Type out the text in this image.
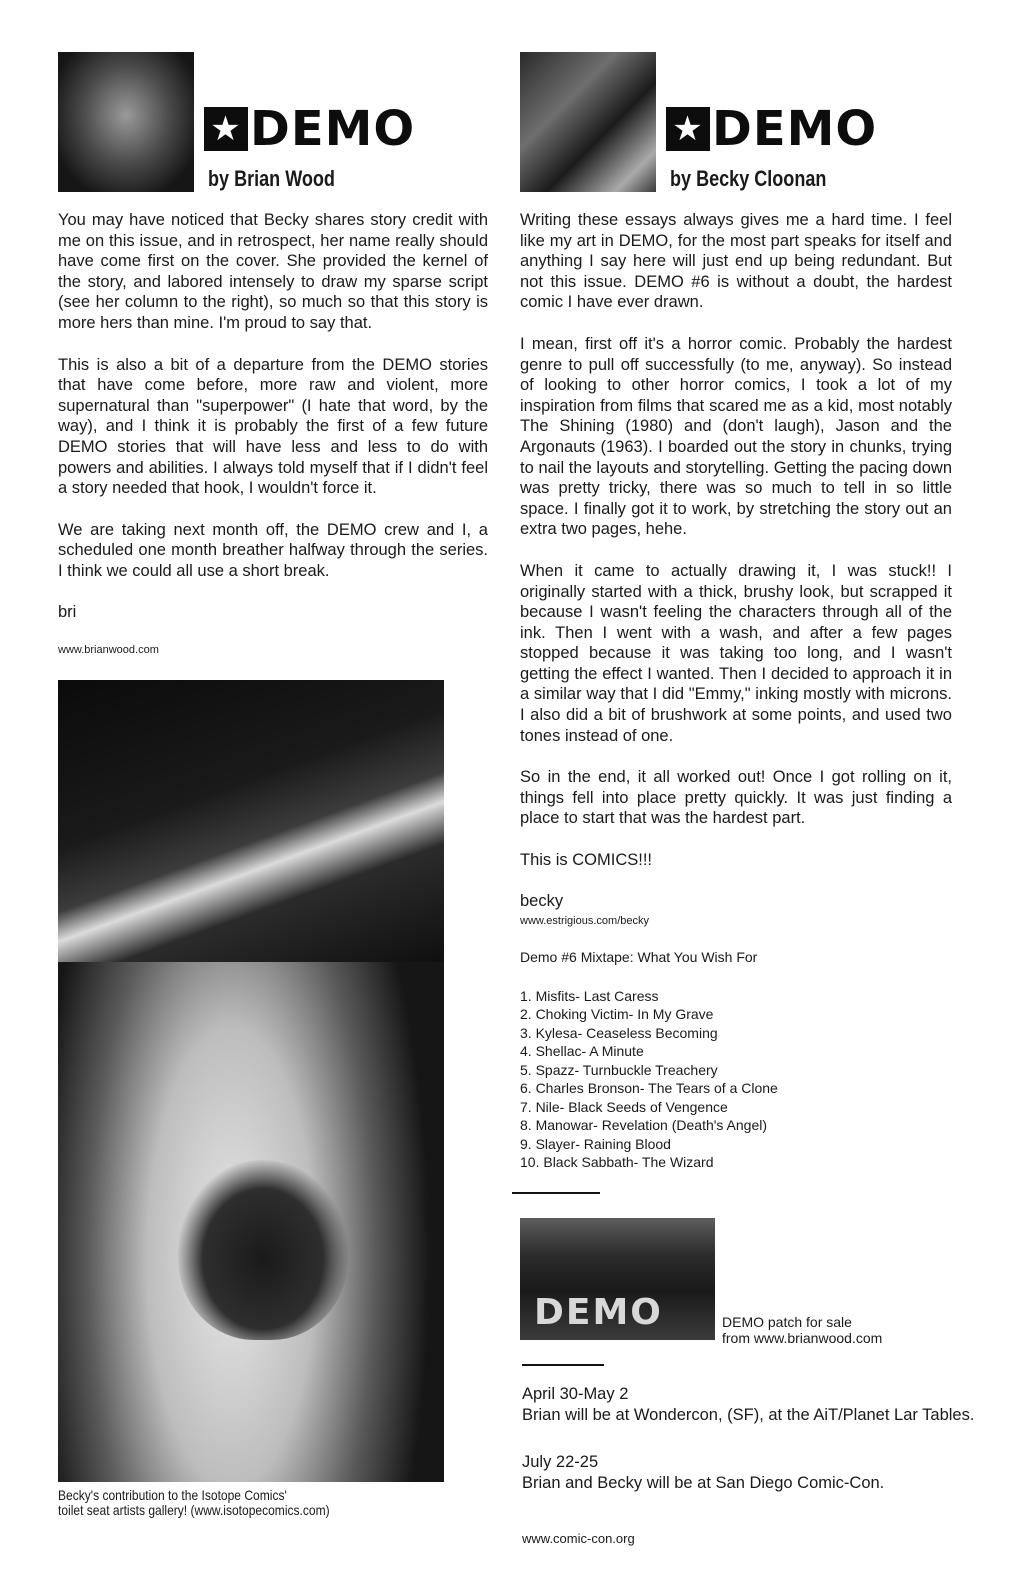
★ DEMO
by Brian Wood

You may have noticed that Becky shares story credit with me on this issue, and in retrospect, her name really should have come first on the cover. She provided the kernel of the story, and labored intensely to draw my sparse script (see her column to the right), so much so that this story is more hers than mine. I'm proud to say that.

This is also a bit of a departure from the DEMO stories that have come before, more raw and violent, more supernatural than "superpower" (I hate that word, by the way), and I think it is probably the first of a few future DEMO stories that will have less and less to do with powers and abilities. I always told myself that if I didn't feel a story needed that hook, I wouldn't force it.

We are taking next month off, the DEMO crew and I, a scheduled one month breather halfway through the series. I think we could all use a short break.

bri

www.brianwood.com

Becky's contribution to the Isotope Comics'
toilet seat artists gallery! (www.isotopecomics.com)
★ DEMO
by Becky Cloonan

Writing these essays always gives me a hard time. I feel like my art in DEMO, for the most part speaks for itself and anything I say here will just end up being redundant. But not this issue. DEMO #6 is without a doubt, the hardest comic I have ever drawn.

I mean, first off it's a horror comic. Probably the hardest genre to pull off successfully (to me, anyway). So instead of looking to other horror comics, I took a lot of my inspiration from films that scared me as a kid, most notably The Shining (1980) and (don't laugh), Jason and the Argonauts (1963). I boarded out the story in chunks, trying to nail the layouts and storytelling. Getting the pacing down was pretty tricky, there was so much to tell in so little space. I finally got it to work, by stretching the story out an extra two pages, hehe.

When it came to actually drawing it, I was stuck!! I originally started with a thick, brushy look, but scrapped it because I wasn't feeling the characters through all of the ink. Then I went with a wash, and after a few pages stopped because it was taking too long, and I wasn't getting the effect I wanted. Then I decided to approach it in a similar way that I did "Emmy," inking mostly with microns. I also did a bit of brushwork at some points, and used two tones instead of one.

So in the end, it all worked out! Once I got rolling on it, things fell into place pretty quickly. It was just finding a place to start that was the hardest part.

This is COMICS!!!

becky

www.estrigious.com/becky

Demo #6 Mixtape: What You Wish For

1. Misfits- Last Caress
2. Choking Victim- In My Grave
3. Kylesa- Ceaseless Becoming
4. Shellac- A Minute
5. Spazz- Turnbuckle Treachery
6. Charles Bronson- The Tears of a Clone
7. Nile- Black Seeds of Vengence
8. Manowar- Revelation (Death's Angel)
9. Slayer- Raining Blood
10. Black Sabbath- The Wizard
DEMO	DEMO patch for sale
from www.brianwood.com
April 30-May 2
Brian will be at Wondercon, (SF), at the AiT/Planet Lar Tables.
July 22-25
Brian and Becky will be at San Diego Comic-Con.
www.comic-con.org
